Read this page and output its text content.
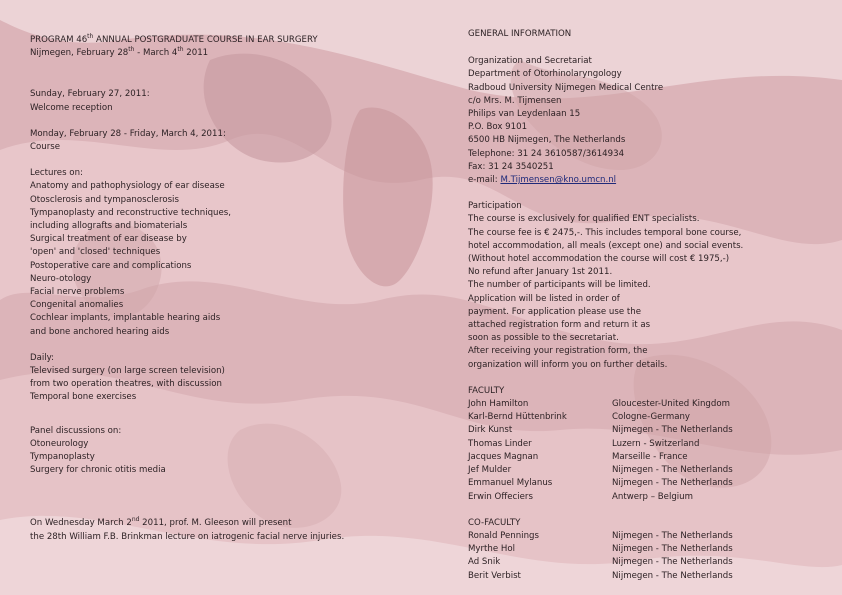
PROGRAM 46th ANNUAL POSTGRADUATE COURSE IN EAR SURGERY
Nijmegen, February 28th - March 4th 2011
Sunday, February 27, 2011:
Welcome reception
Monday, February 28 - Friday, March 4, 2011:
Course
Lectures on:
Anatomy and pathophysiology of ear disease
Otosclerosis and tympanosclerosis
Tympanoplasty and reconstructive techniques,
including allografts and biomaterials
Surgical treatment of ear disease by
'open' and 'closed' techniques
Postoperative care and complications
Neuro-otology
Facial nerve problems
Congenital anomalies
Cochlear implants, implantable hearing aids
and bone anchored hearing aids
Daily:
Televised surgery (on large screen television)
from two operation theatres, with discussion
Temporal bone exercises
Panel discussions on:
Otoneurology
Tympanoplasty
Surgery for chronic otitis media
On Wednesday March 2nd 2011, prof. M. Gleeson will present
the 28th William F.B. Brinkman lecture on iatrogenic facial nerve injuries.
GENERAL INFORMATION
Organization and Secretariat
Department of Otorhinolaryngology
Radboud University Nijmegen Medical Centre
c/o Mrs. M. Tijmensen
Philips van Leydenlaan 15
P.O. Box 9101
6500 HB Nijmegen, The Netherlands
Telephone: 31 24 3610587/3614934
Fax: 31 24 3540251
e-mail: M.Tijmensen@kno.umcn.nl
Participation
The course is exclusively for qualified ENT specialists.
The course fee is € 2475,-. This includes temporal bone course,
hotel accommodation, all meals (except one) and social events.
(Without hotel accommodation the course will cost € 1975,-)
No refund after January 1st 2011.
The number of participants will be limited.
Application will be listed in order of
payment. For application please use the
attached registration form and return it as
soon as possible to the secretariat.
After receiving your registration form, the
organization will inform you on further details.
FACULTY
John Hamilton	Gloucester-United Kingdom
Karl-Bernd Hüttenbrink	Cologne-Germany
Dirk Kunst	Nijmegen - The Netherlands
Thomas Linder	Luzern - Switzerland
Jacques Magnan	Marseille - France
Jef Mulder	Nijmegen - The Netherlands
Emmanuel Mylanus	Nijmegen - The Netherlands
Erwin Offeciers	Antwerp – Belgium
CO-FACULTY
Ronald Pennings	Nijmegen - The Netherlands
Myrthe Hol	Nijmegen - The Netherlands
Ad Snik	Nijmegen - The Netherlands
Berit Verbist	Nijmegen - The Netherlands
